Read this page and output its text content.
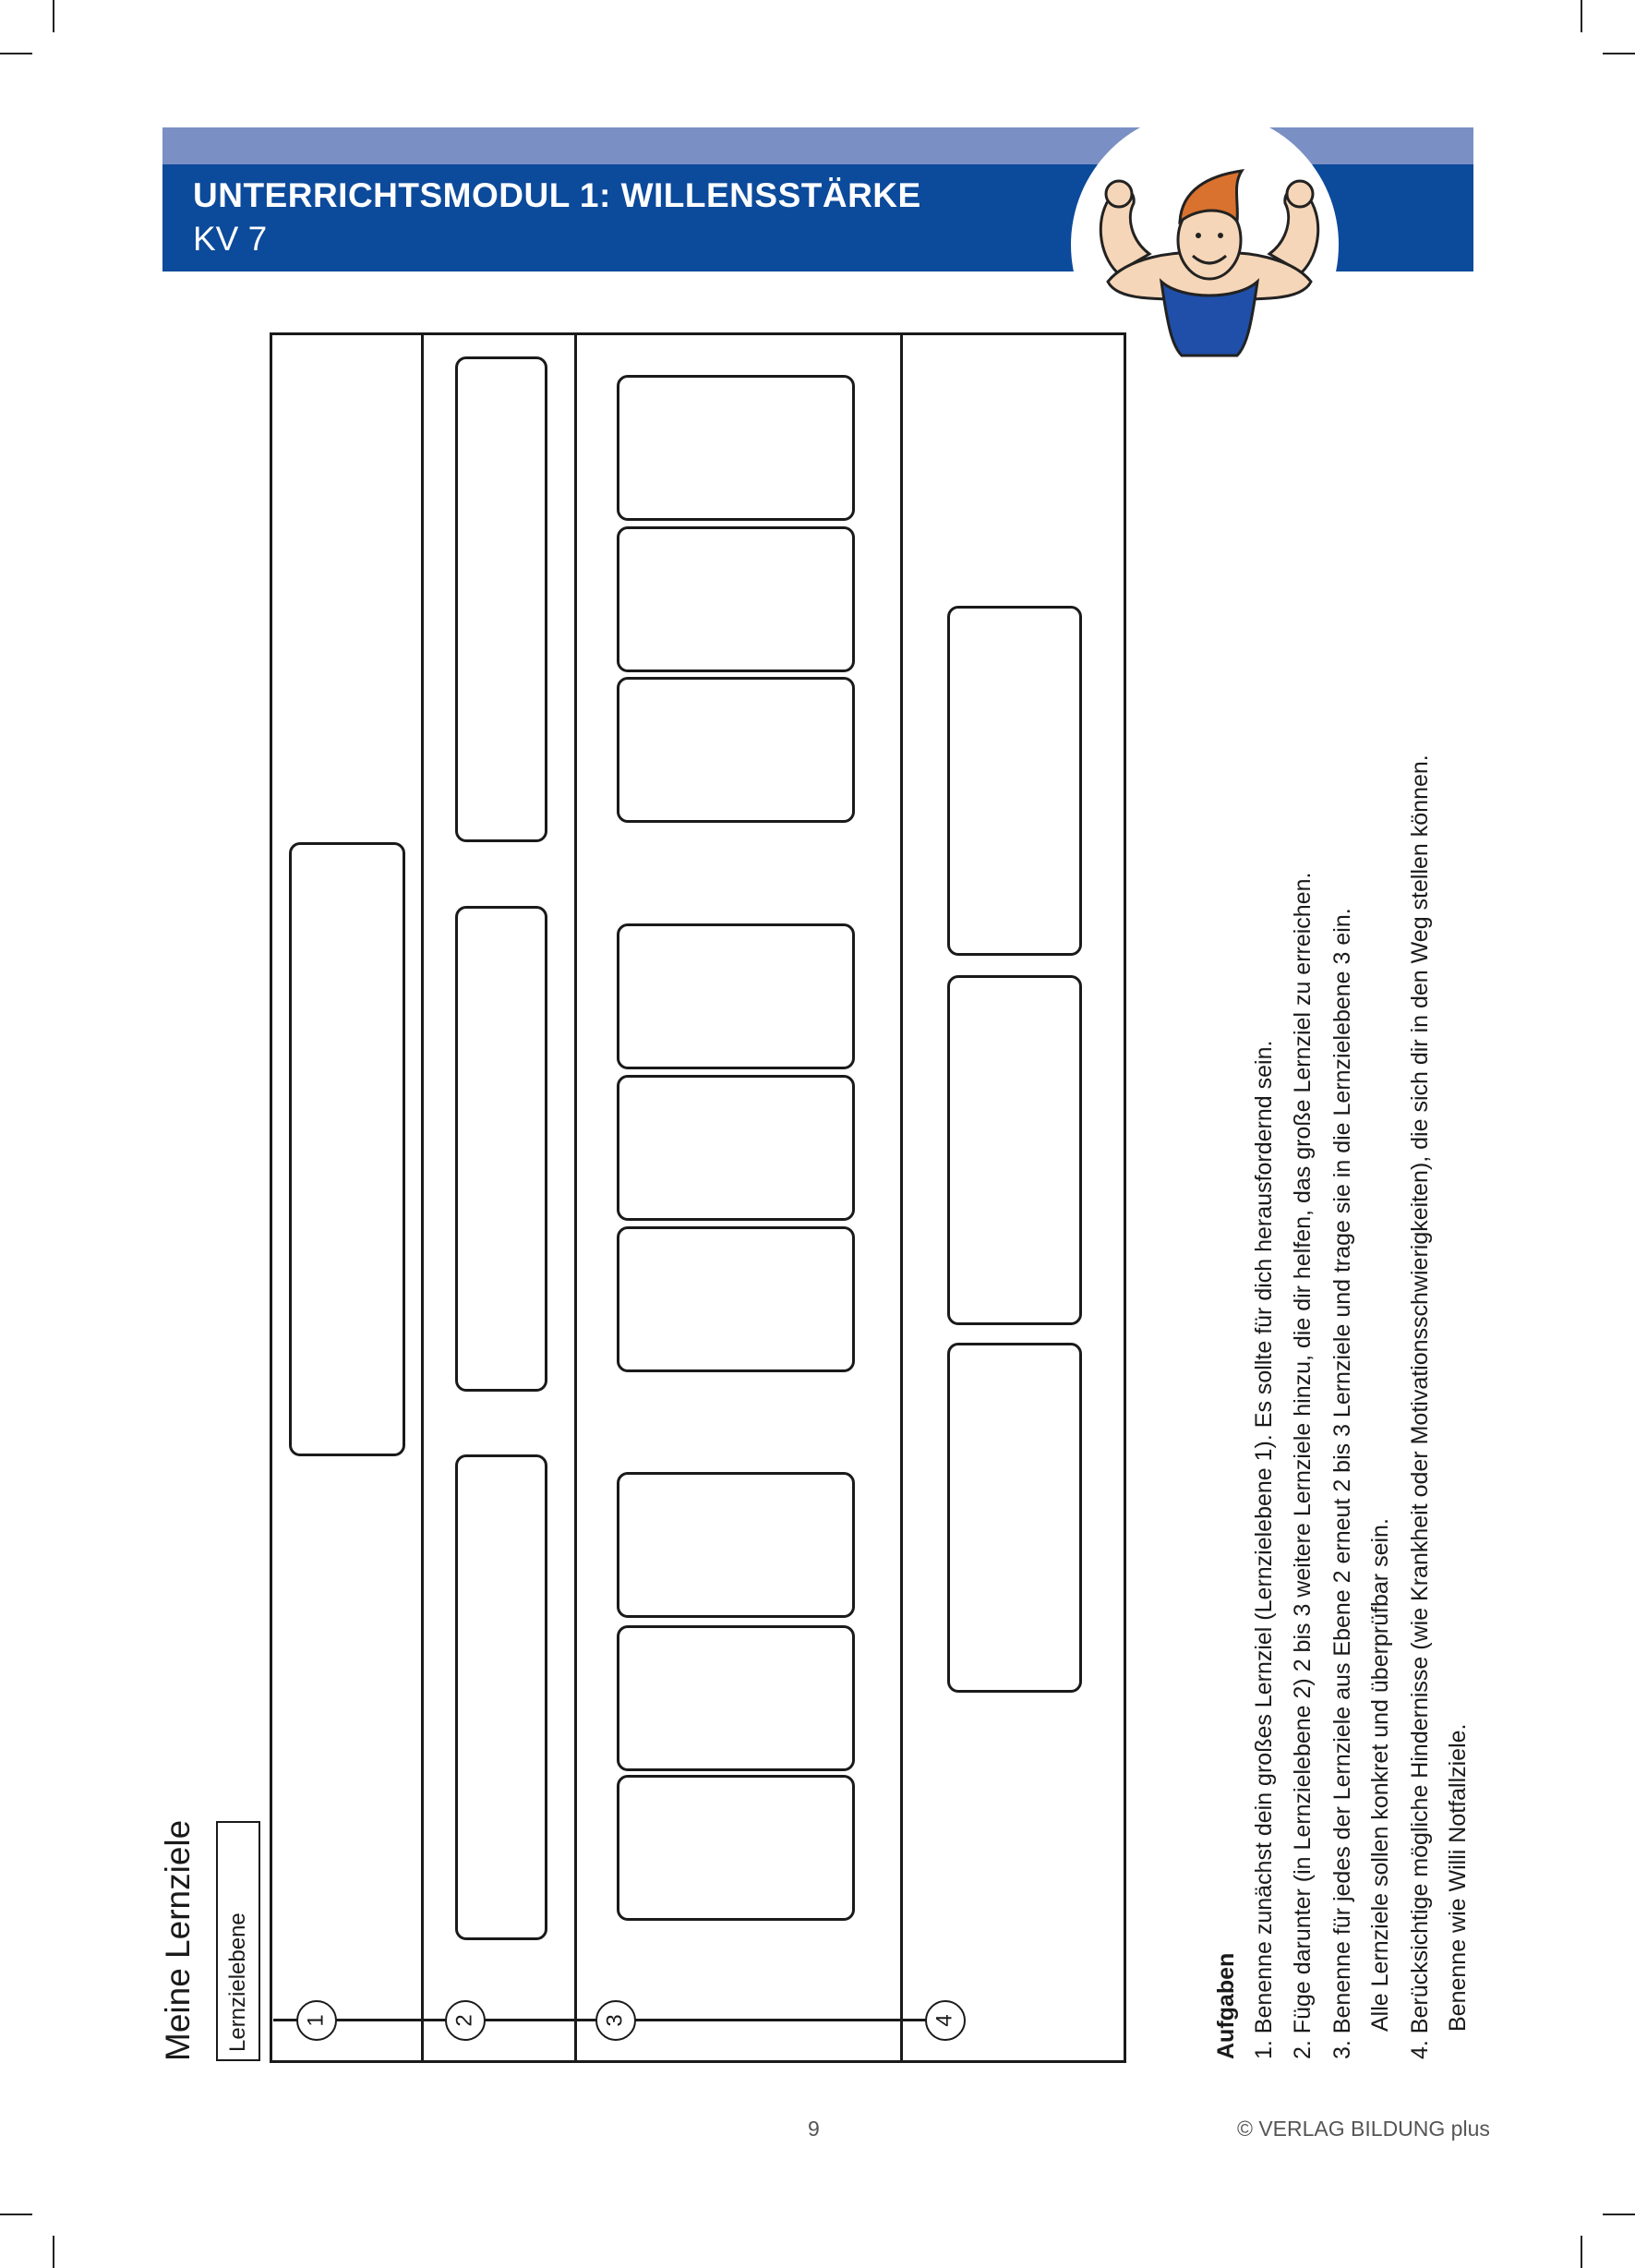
UNTERRICHTSMODUL 1: WILLENSSTÄRKE
KV 7
Meine Lernziele Lernzielebene 1	2	3	4	Aufgaben 1. Benenne zunächst dein großes Lernziel (Lernzielebene 1). Es sollte für dich herausfordernd sein. 2. Füge darunter (in Lernzielebene 2) 2 bis 3 weitere Lernziele hinzu, die dir helfen, das große Lernziel zu erreichen. 3. Benenne für jedes der Lernziele aus Ebene 2 erneut 2 bis 3 Lernziele und trage sie in die Lernzielebene 3 ein. Alle Lernziele sollen konkret und überprüfbar sein. 4. Berücksichtige mögliche Hindernisse (wie Krankheit oder Motivationsschwierigkeiten), die sich dir in den Weg stellen können. Benenne wie Willi Notfallziele.
9	© VERLAG BILDUNG plus
